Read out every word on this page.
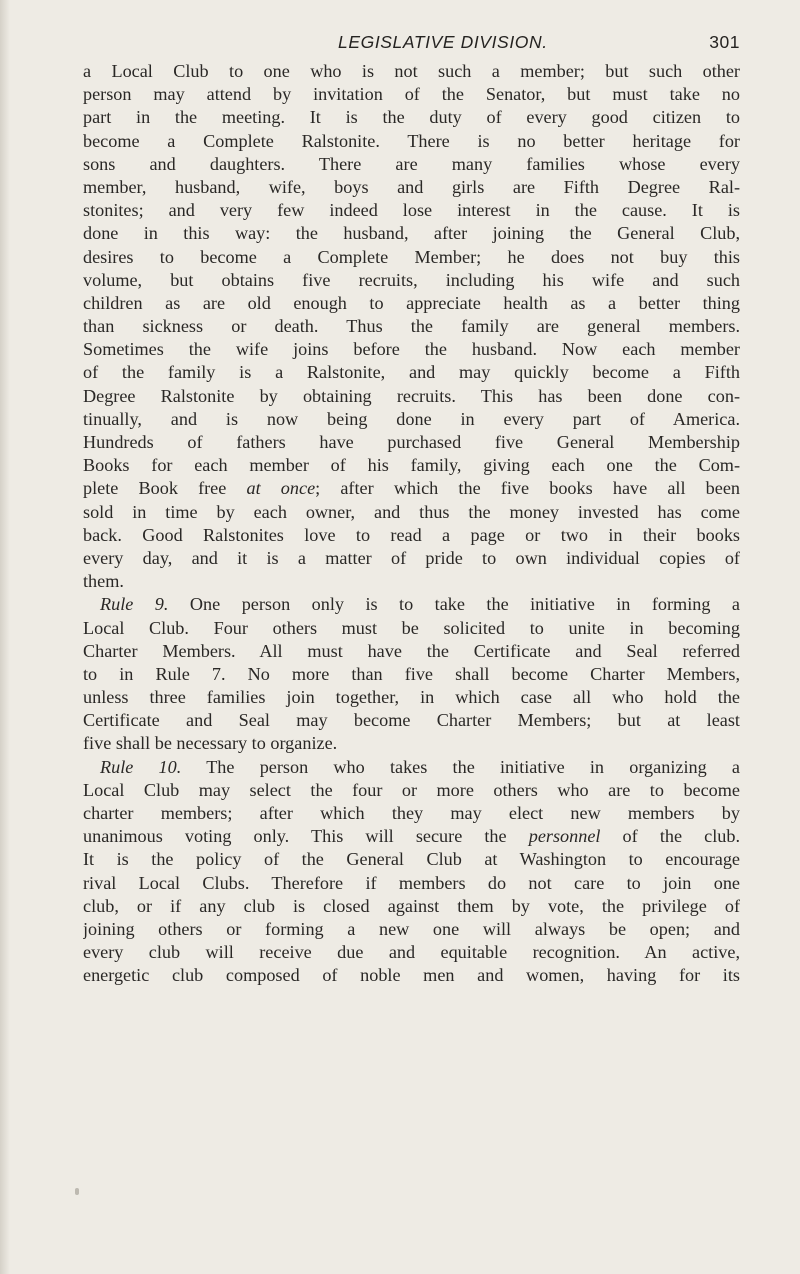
LEGISLATIVE DIVISION.	301
a Local Club to one who is not such a member; but such other
person may attend by invitation of the Senator, but must take no
part in the meeting. It is the duty of every good citizen to
become a Complete Ralstonite. There is no better heritage for
sons and daughters. There are many families whose every
member, husband, wife, boys and girls are Fifth Degree Ral-
stonites; and very few indeed lose interest in the cause. It is
done in this way: the husband, after joining the General Club,
desires to become a Complete Member; he does not buy this
volume, but obtains five recruits, including his wife and such
children as are old enough to appreciate health as a better thing
than sickness or death. Thus the family are general members.
Sometimes the wife joins before the husband. Now each member
of the family is a Ralstonite, and may quickly become a Fifth
Degree Ralstonite by obtaining recruits. This has been done con-
tinually, and is now being done in every part of America.
Hundreds of fathers have purchased five General Membership
Books for each member of his family, giving each one the Com-
plete Book free at once; after which the five books have all been
sold in time by each owner, and thus the money invested has come
back. Good Ralstonites love to read a page or two in their books
every day, and it is a matter of pride to own individual copies of
them.
Rule 9. One person only is to take the initiative in forming a
Local Club. Four others must be solicited to unite in becoming
Charter Members. All must have the Certificate and Seal referred
to in Rule 7. No more than five shall become Charter Members,
unless three families join together, in which case all who hold the
Certificate and Seal may become Charter Members; but at least
five shall be necessary to organize.
Rule 10. The person who takes the initiative in organizing a
Local Club may select the four or more others who are to become
charter members; after which they may elect new members by
unanimous voting only. This will secure the personnel of the club.
It is the policy of the General Club at Washington to encourage
rival Local Clubs. Therefore if members do not care to join one
club, or if any club is closed against them by vote, the privilege of
joining others or forming a new one will always be open; and
every club will receive due and equitable recognition. An active,
energetic club composed of noble men and women, having for its
